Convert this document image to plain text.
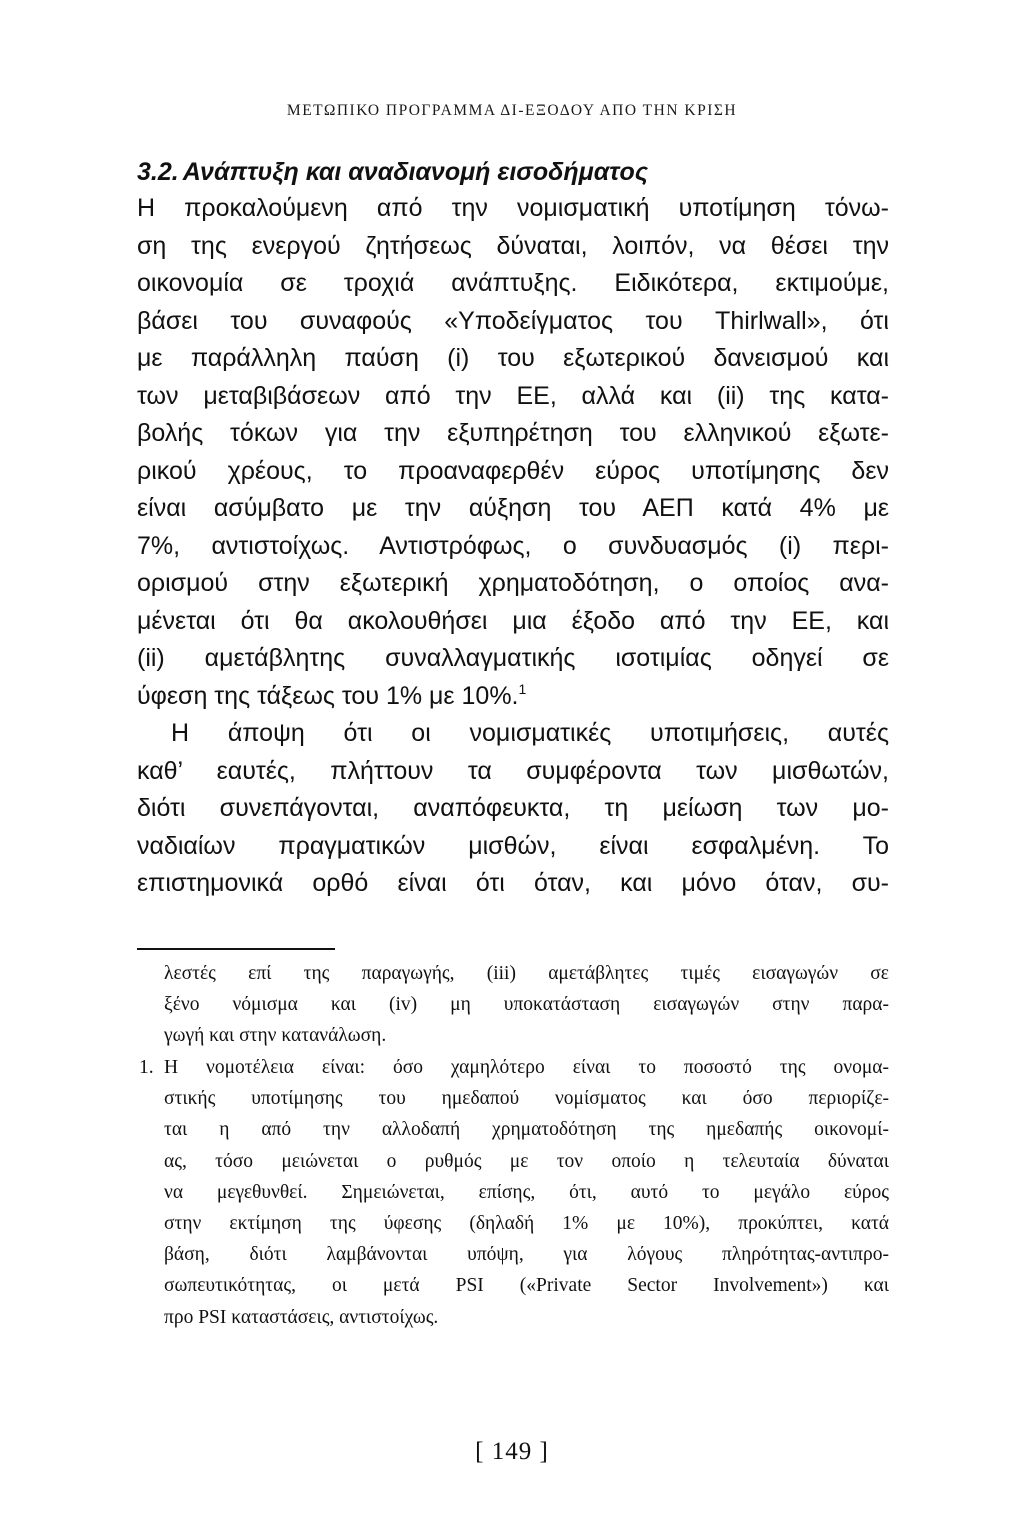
ΜΕΤΩΠΙΚΟ ΠΡΟΓΡΑΜΜΑ ΔΙ-ΕΞΟΔΟΥ ΑΠΟ ΤΗΝ ΚΡΙΣΗ
3.2. Ανάπτυξη και αναδιανομή εισοδήματος

Η προκαλούμενη από την νομισματική υποτίμηση τόνω-
ση της ενεργού ζητήσεως δύναται, λοιπόν, να θέσει την
οικονομία σε τροχιά ανάπτυξης. Ειδικότερα, εκτιμούμε,
βάσει του συναφούς «Υποδείγματος του Thirlwall», ότι
με παράλληλη παύση (i) του εξωτερικού δανεισμού και
των μεταβιβάσεων από την ΕΕ, αλλά και (ii) της κατα-
βολής τόκων για την εξυπηρέτηση του ελληνικού εξωτε-
ρικού χρέους, το προαναφερθέν εύρος υποτίμησης δεν
είναι ασύμβατο με την αύξηση του ΑΕΠ κατά 4% με
7%, αντιστοίχως. Αντιστρόφως, ο συνδυασμός (i) περι-
ορισμού στην εξωτερική χρηματοδότηση, ο οποίος ανα-
μένεται ότι θα ακολουθήσει μια έξοδο από την ΕΕ, και
(ii) αμετάβλητης συναλλαγματικής ισοτιμίας οδηγεί σε
ύφεση της τάξεως του 1% με 10%.$^1$

Η άποψη ότι οι νομισματικές υποτιμήσεις, αυτές
καθ’ εαυτές, πλήττουν τα συμφέροντα των μισθωτών,
διότι συνεπάγονται, αναπόφευκτα, τη μείωση των μο-
ναδιαίων πραγματικών μισθών, είναι εσφαλμένη. Το
επιστημονικά ορθό είναι ότι όταν, και μόνο όταν, συ-

λεστές επί της παραγωγής, (iii) αμετάβλητες τιμές εισαγωγών σε
ξένο νόμισμα και (iv) μη υποκατάσταση εισαγωγών στην παρα-
γωγή και στην κατανάλωση.
1. Η νομοτέλεια είναι: όσο χαμηλότερο είναι το ποσοστό της ονομα-
στικής υποτίμησης του ημεδαπού νομίσματος και όσο περιορίζε-
ται η από την αλλοδαπή χρηματοδότηση της ημεδαπής οικονομί-
ας, τόσο μειώνεται ο ρυθμός με τον οποίο η τελευταία δύναται
να μεγεθυνθεί. Σημειώνεται, επίσης, ότι, αυτό το μεγάλο εύρος
στην εκτίμηση της ύφεσης (δηλαδή 1% με 10%), προκύπτει, κατά
βάση, διότι λαμβάνονται υπόψη, για λόγους πληρότητας-αντιπρο-
σωπευτικότητας, οι μετά PSI («Private Sector Involvement») και
προ PSI καταστάσεις, αντιστοίχως.
[ 149 ]
